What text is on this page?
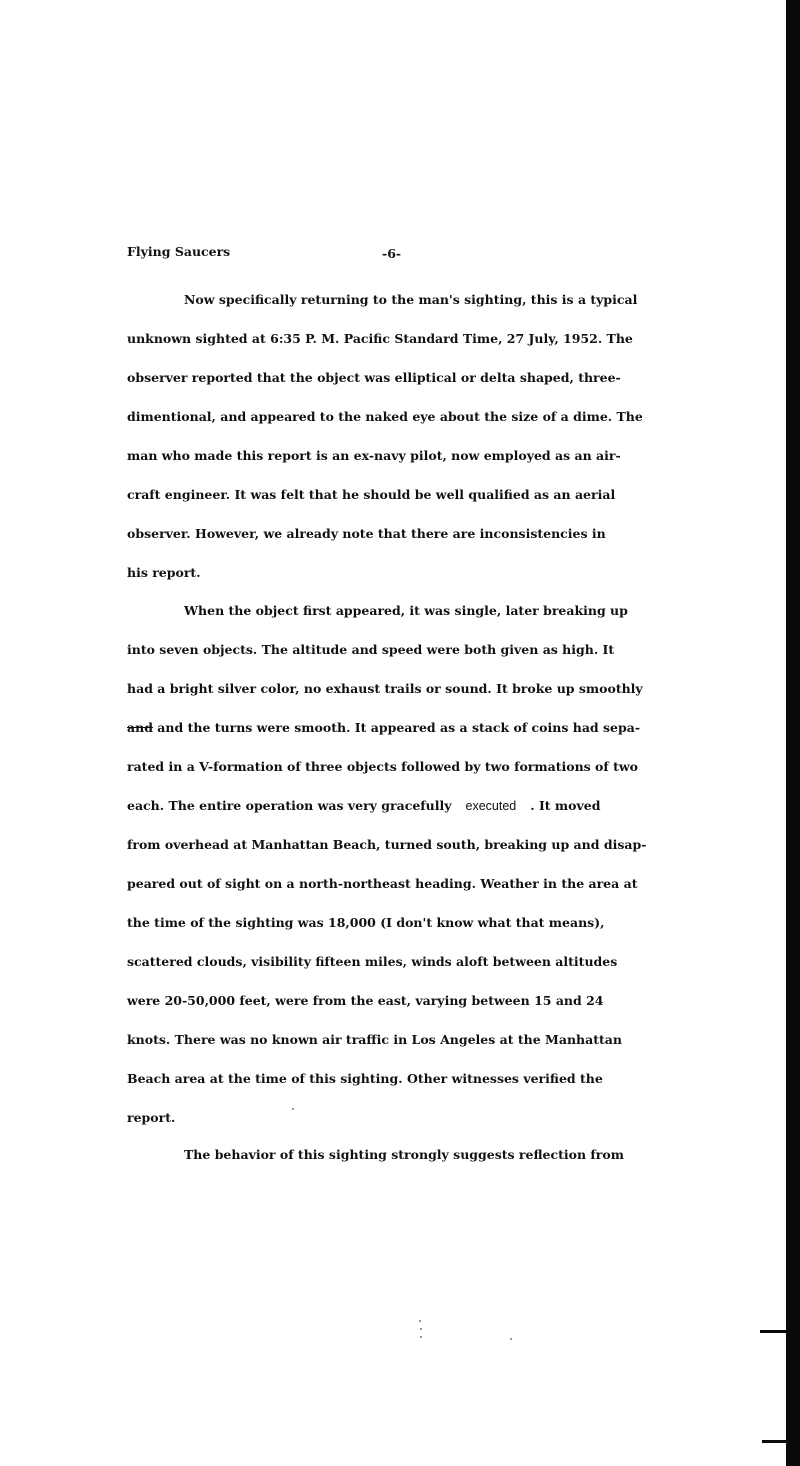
Flying Saucers	-6-
Now specifically returning to the man's sighting, this is a typical
unknown sighted at 6:35 P. M. Pacific Standard Time, 27 July, 1952. The
observer reported that the object was elliptical or delta shaped, three-
dimentional, and appeared to the naked eye about the size of a dime. The
man who made this report is an ex-navy pilot, now employed as an air-
craft engineer. It was felt that he should be well qualified as an aerial
observer. However, we already note that there are inconsistencies in
his report.
When the object first appeared, it was single, later breaking up
into seven objects. The altitude and speed were both given as high. It
had a bright silver color, no exhaust trails or sound. It broke up smoothly
and and the turns were smooth. It appeared as a stack of coins had sepa-
rated in a V-formation of three objects followed by two formations of two
each. The entire operation was very gracefully executed . It moved
from overhead at Manhattan Beach, turned south, breaking up and disap-
peared out of sight on a north-northeast heading. Weather in the area at
the time of the sighting was 18,000 (I don't know what that means),
scattered clouds, visibility fifteen miles, winds aloft between altitudes
were 20-50,000 feet, were from the east, varying between 15 and 24
knots. There was no known air traffic in Los Angeles at the Manhattan
Beach area at the time of this sighting. Other witnesses verified the
report.
The behavior of this sighting strongly suggests reflection from
